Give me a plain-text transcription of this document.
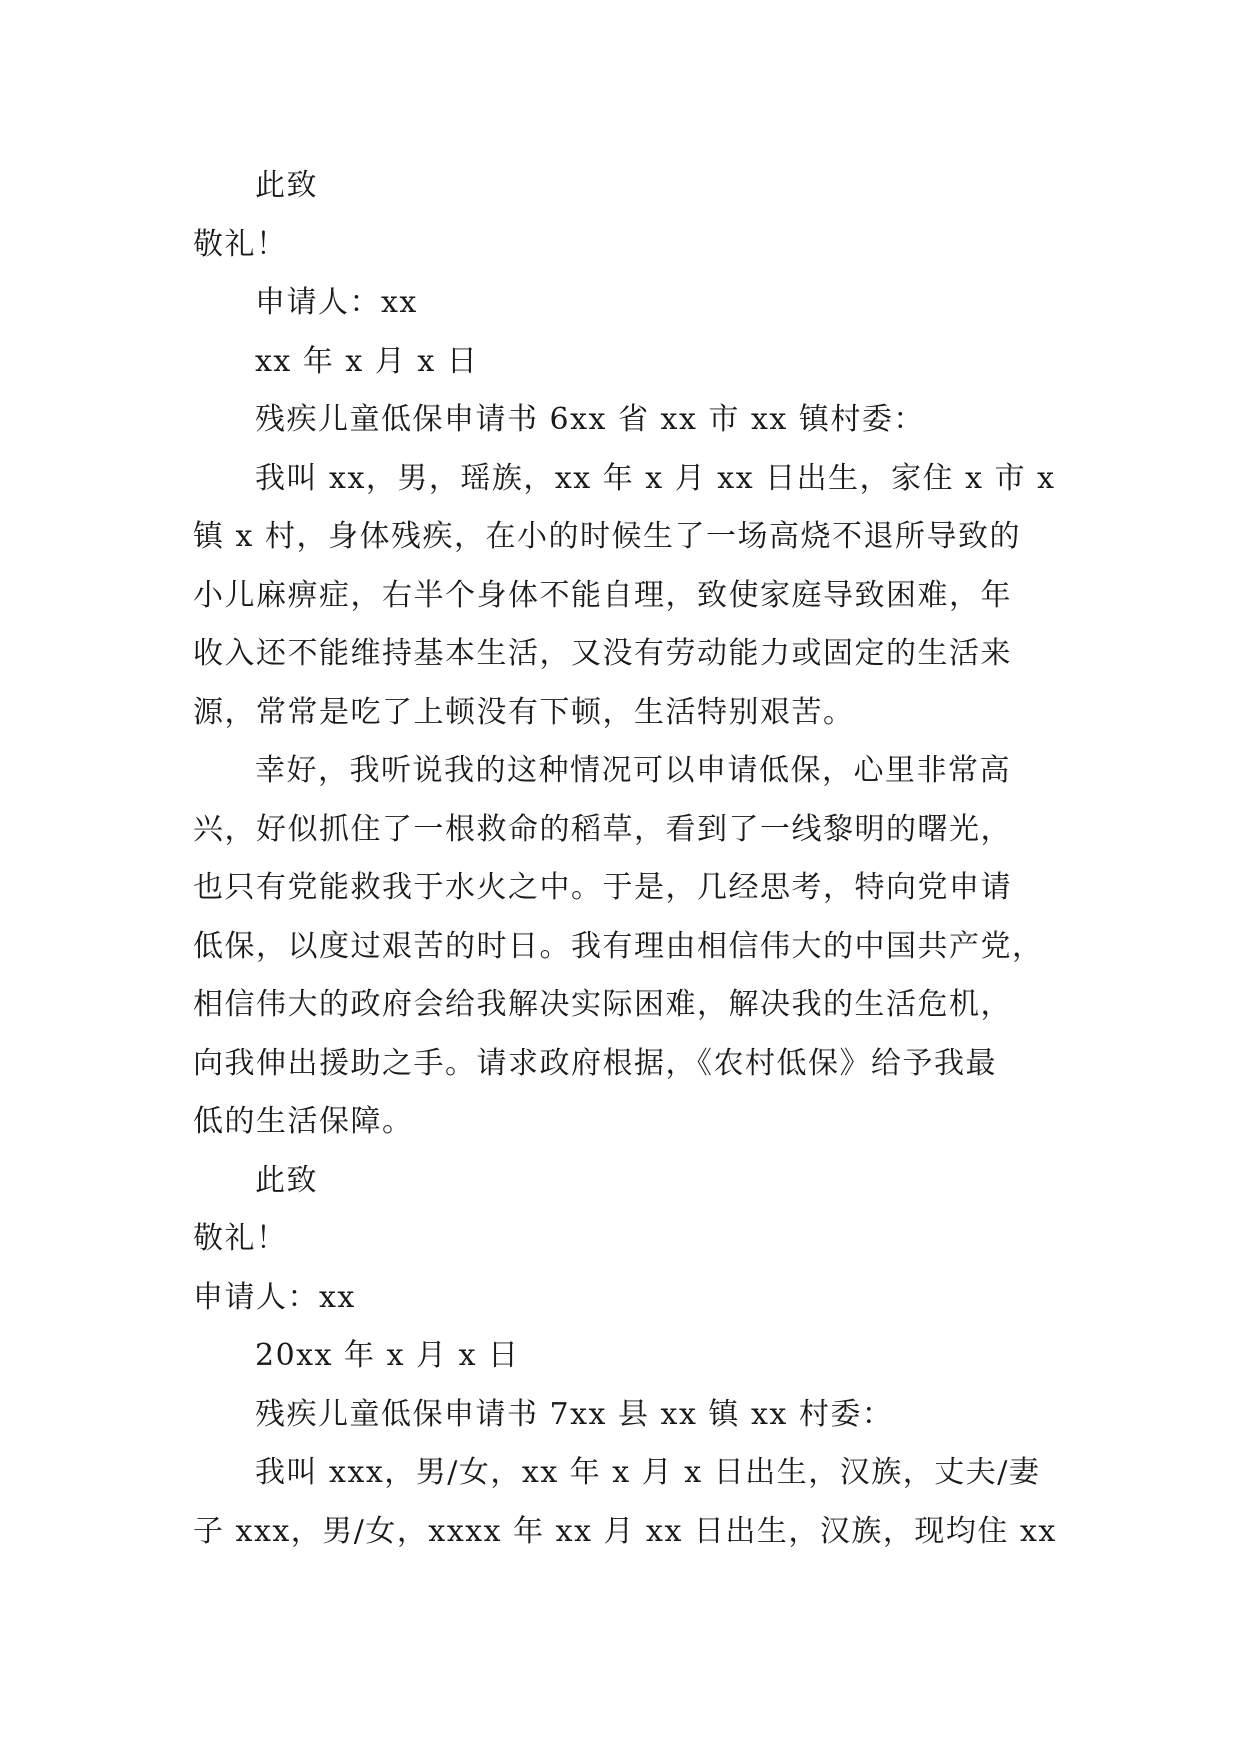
此致
敬礼！
申请人：xx
xx 年 x 月 x 日
残疾儿童低保申请书 6xx 省 xx 市 xx 镇村委：
我叫 xx，男，瑶族，xx 年 x 月 xx 日出生，家住 x 市 x
镇 x 村，身体残疾，在小的时候生了一场高烧不退所导致的
小儿麻痹症，右半个身体不能自理，致使家庭导致困难，年
收入还不能维持基本生活，又没有劳动能力或固定的生活来
源，常常是吃了上顿没有下顿，生活特别艰苦。
幸好，我听说我的这种情况可以申请低保，心里非常高
兴，好似抓住了一根救命的稻草，看到了一线黎明的曙光，
也只有党能救我于水火之中。于是，几经思考，特向党申请
低保，以度过艰苦的时日。我有理由相信伟大的中国共产党，
相信伟大的政府会给我解决实际困难，解决我的生活危机，
向我伸出援助之手。请求政府根据，《农村低保》给予我最
低的生活保障。
此致
敬礼！
申请人：xx
20xx 年 x 月 x 日
残疾儿童低保申请书 7xx 县 xx 镇 xx 村委：
我叫 xxx，男/女，xx 年 x 月 x 日出生，汉族，丈夫/妻
子 xxx，男/女，xxxx 年 xx 月 xx 日出生，汉族，现均住 xx
